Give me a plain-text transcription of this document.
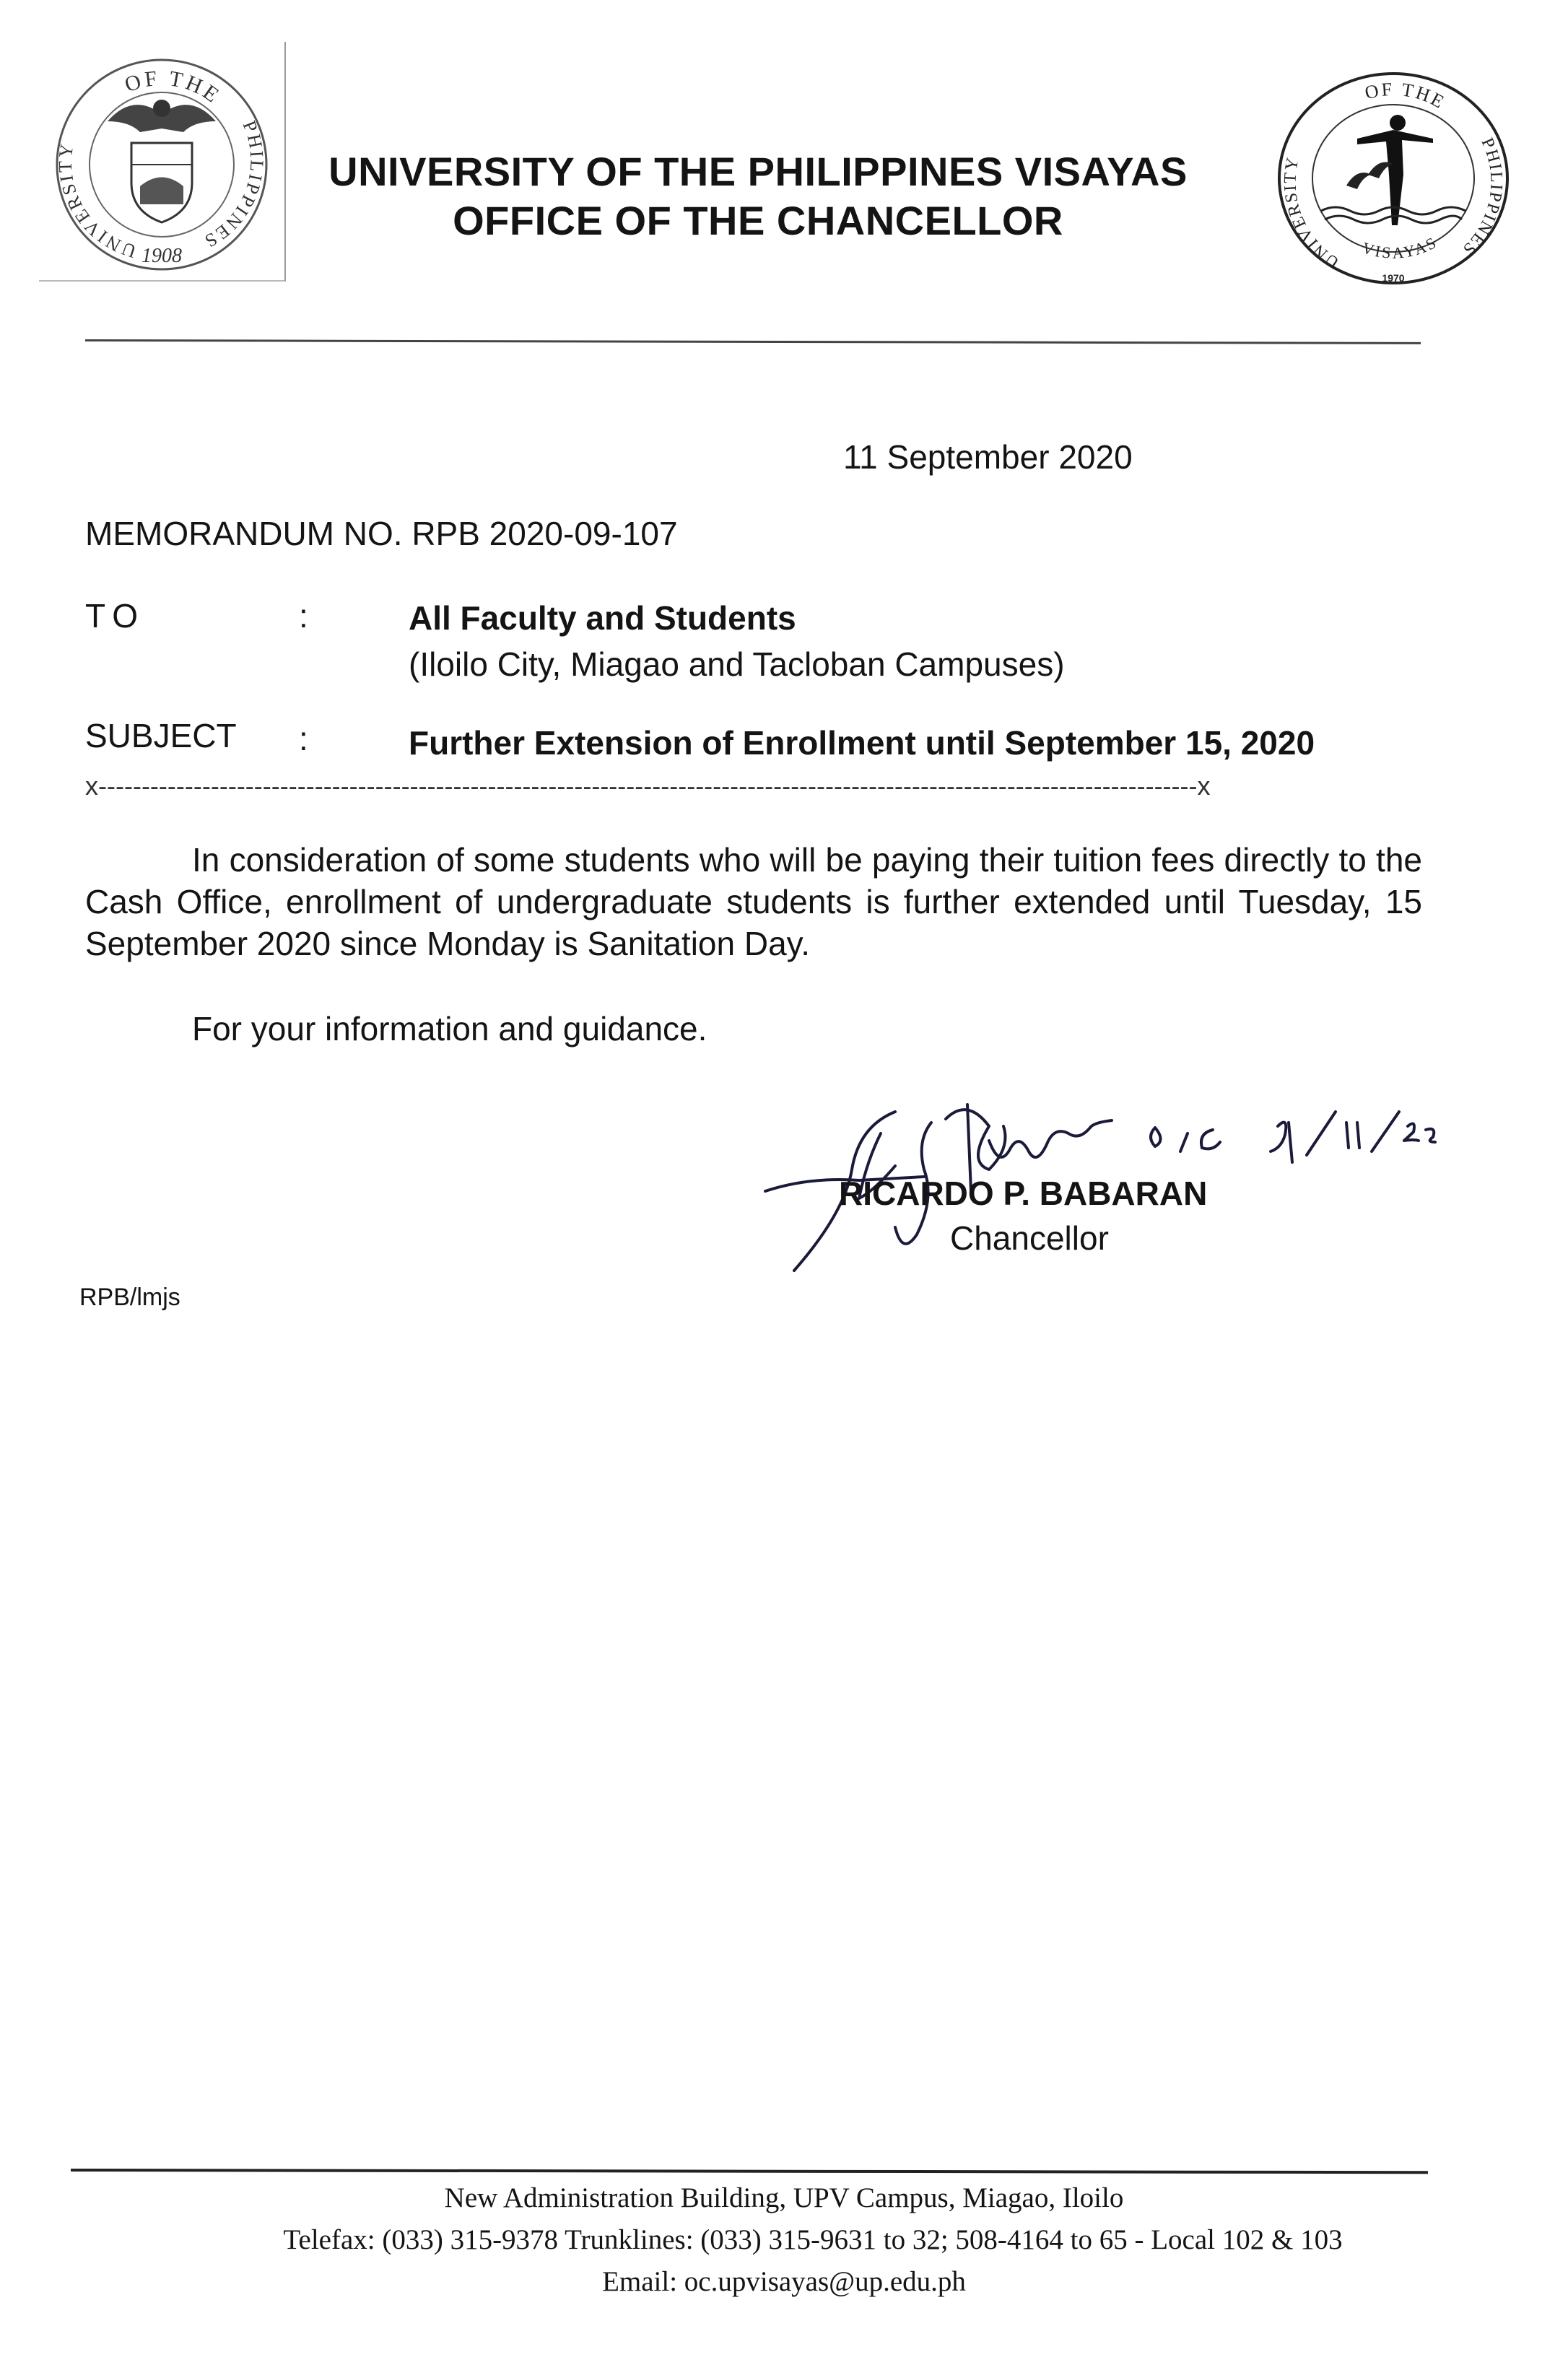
OF THE
UNIVERSITY
PHILIPPINES
1908
OF THE
UNIVERSITY
PHILIPPINES
VISAYAS
1970
UNIVERSITY OF THE PHILIPPINES VISAYAS
OFFICE OF THE CHANCELLOR
11 September 2020
MEMORANDUM NO. RPB 2020-09-107
TO	:	All Faculty and Students
(Iloilo City, Miagao and Tacloban Campuses)
SUBJECT :	Further Extension of Enrollment until September 15, 2020
x-------------------------------------------------------------------------------------------------------------------------------x
In consideration of some students who will be paying their tuition fees directly to the Cash Office, enrollment of undergraduate students is further extended until Tuesday, 15 September 2020 since Monday is Sanitation Day.
For your information and guidance.
RICARDO P. BABARAN
Chancellor
RPB/lmjs
New Administration Building, UPV Campus, Miagao, Iloilo
Telefax: (033) 315-9378 Trunklines: (033) 315-9631 to 32; 508-4164 to 65 - Local 102 & 103
Email: oc.upvisayas@up.edu.ph
